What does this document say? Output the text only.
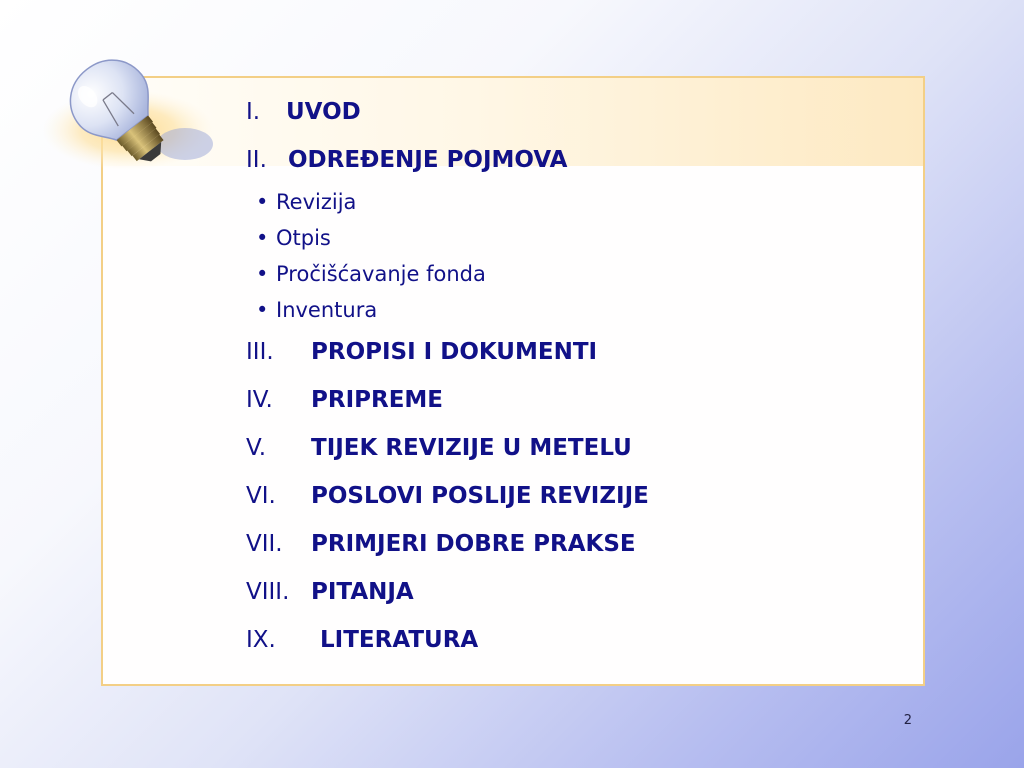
I.	UVOD
II. ODREĐENJE POJMOVA
• Revizija
• Otpis
• Pročišćavanje fonda
• Inventura
III.	PROPISI I DOKUMENTI
IV.	PRIPREME
V.	TIJEK REVIZIJE U METELU
VI.	POSLOVI POSLIJE REVIZIJE
VII.	PRIMJERI DOBRE PRAKSE
VIII. PITANJA
IX.	LITERATURA
2
